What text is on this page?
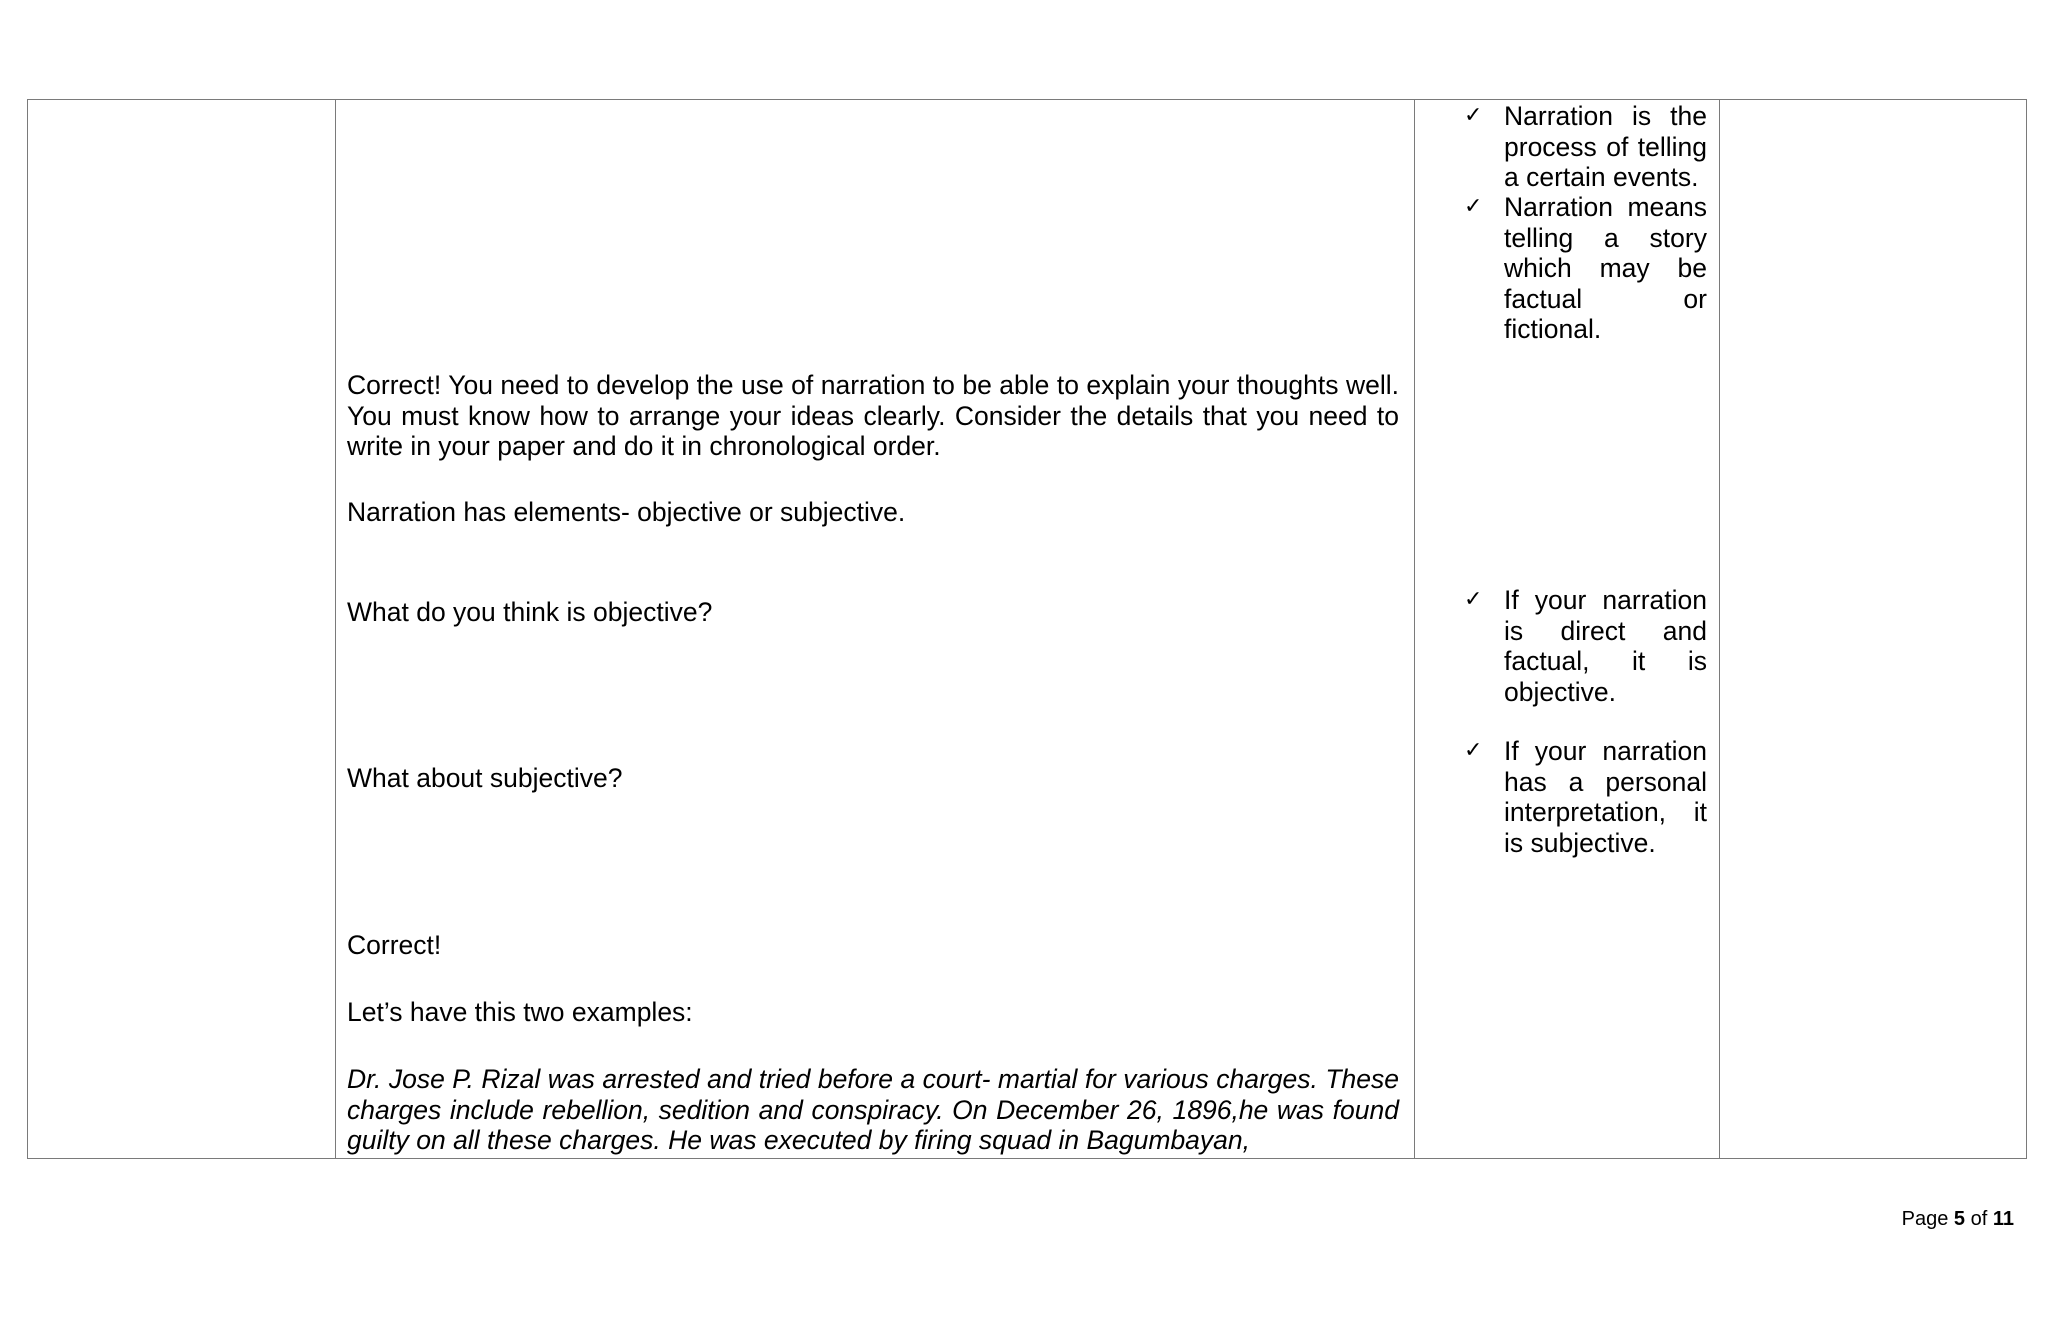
Correct! You need to develop the use of narration to be able to explain your thoughts well. You must know how to arrange your ideas clearly. Consider the details that you need to write in your paper and do it in chronological order.

Narration has elements- objective or subjective.

What do you think is objective?

What about subjective?

Correct!

Let’s have this two examples:

Dr. Jose P. Rizal was arrested and tried before a court- martial for various charges. These charges include rebellion, sedition and conspiracy. On December 26, 1896,he was found guilty on all these charges. He was executed by firing squad in Bagumbayan,

✓ Narration is the process of telling a certain events.

✓ Narration means telling a story which may be factual or fictional.

✓ If your narration is direct and factual, it is objective.

✓ If your narration has a personal interpretation, it is subjective.

Page 5 of 11
